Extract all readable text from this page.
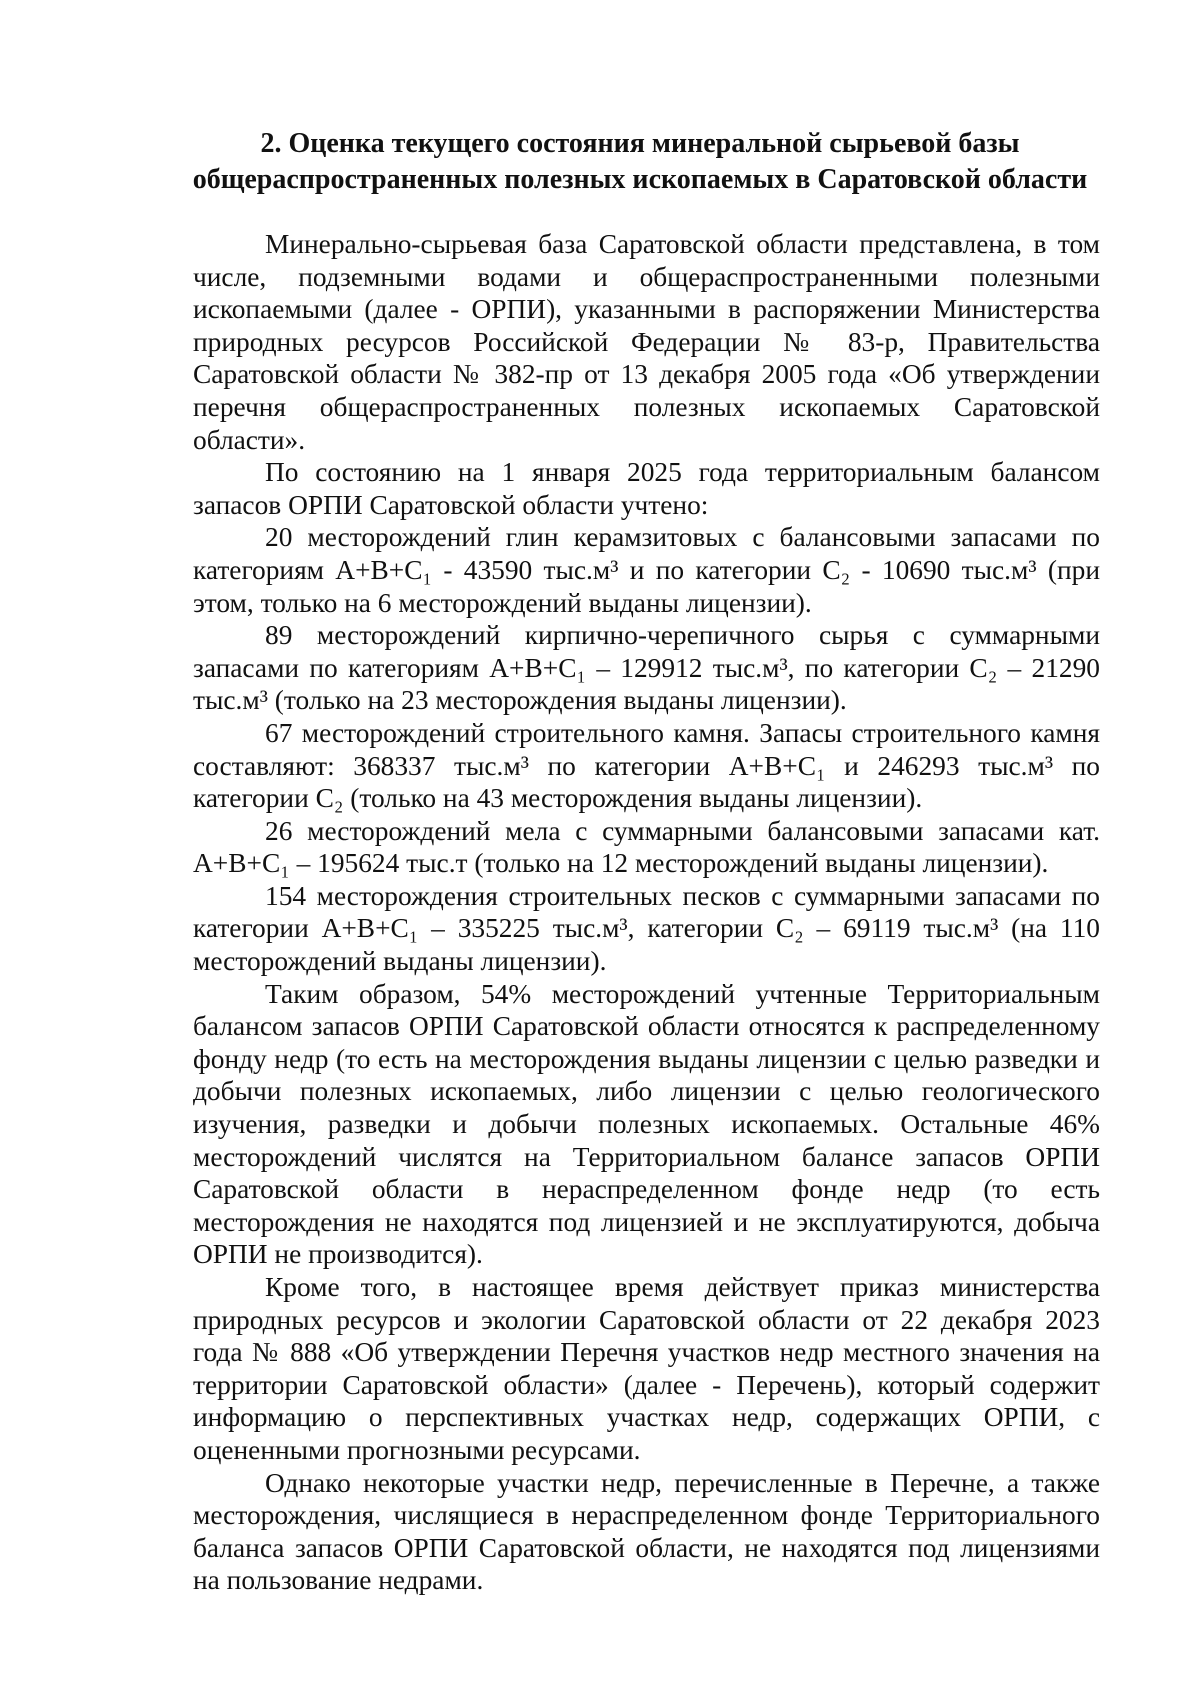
2. Оценка текущего состояния минеральной сырьевой базы
общераспространенных полезных ископаемых в Саратовской области

Минерально-сырьевая база Саратовской области представлена, в том числе, подземными водами и общераспространенными полезными ископаемыми (далее - ОРПИ), указанными в распоряжении Министерства природных ресурсов Российской Федерации № 83-р, Правительства Саратовской области № 382-пр от 13 декабря 2005 года «Об утверждении перечня общераспространенных полезных ископаемых Саратовской области».

По состоянию на 1 января 2025 года территориальным балансом запасов ОРПИ Саратовской области учтено:

20 месторождений глин керамзитовых с балансовыми запасами по категориям A+B+C₁ - 43590 тыс.м³ и по категории C₂ - 10690 тыс.м³ (при этом, только на 6 месторождений выданы лицензии).

89 месторождений кирпично-черепичного сырья с суммарными запасами по категориям A+B+C₁ – 129912 тыс.м³, по категории C₂ – 21290 тыс.м³ (только на 23 месторождения выданы лицензии).

67 месторождений строительного камня. Запасы строительного камня составляют: 368337 тыс.м³ по категории A+B+C₁ и 246293 тыс.м³ по категории C₂ (только на 43 месторождения выданы лицензии).

26 месторождений мела с суммарными балансовыми запасами кат. A+B+C₁ – 195624 тыс.т (только на 12 месторождений выданы лицензии).

154 месторождения строительных песков с суммарными запасами по категории A+B+C₁ – 335225 тыс.м³, категории C₂ – 69119 тыс.м³ (на 110 месторождений выданы лицензии).

Таким образом, 54% месторождений учтенные Территориальным балансом запасов ОРПИ Саратовской области относятся к распределенному фонду недр (то есть на месторождения выданы лицензии с целью разведки и добычи полезных ископаемых, либо лицензии с целью геологического изучения, разведки и добычи полезных ископаемых. Остальные 46% месторождений числятся на Территориальном балансе запасов ОРПИ Саратовской области в нераспределенном фонде недр (то есть месторождения не находятся под лицензией и не эксплуатируются, добыча ОРПИ не производится).

Кроме того, в настоящее время действует приказ министерства природных ресурсов и экологии Саратовской области от 22 декабря 2023 года № 888 «Об утверждении Перечня участков недр местного значения на территории Саратовской области» (далее - Перечень), который содержит информацию о перспективных участках недр, содержащих ОРПИ, с оцененными прогнозными ресурсами.

Однако некоторые участки недр, перечисленные в Перечне, а также месторождения, числящиеся в нераспределенном фонде Территориального баланса запасов ОРПИ Саратовской области, не находятся под лицензиями на пользование недрами.
